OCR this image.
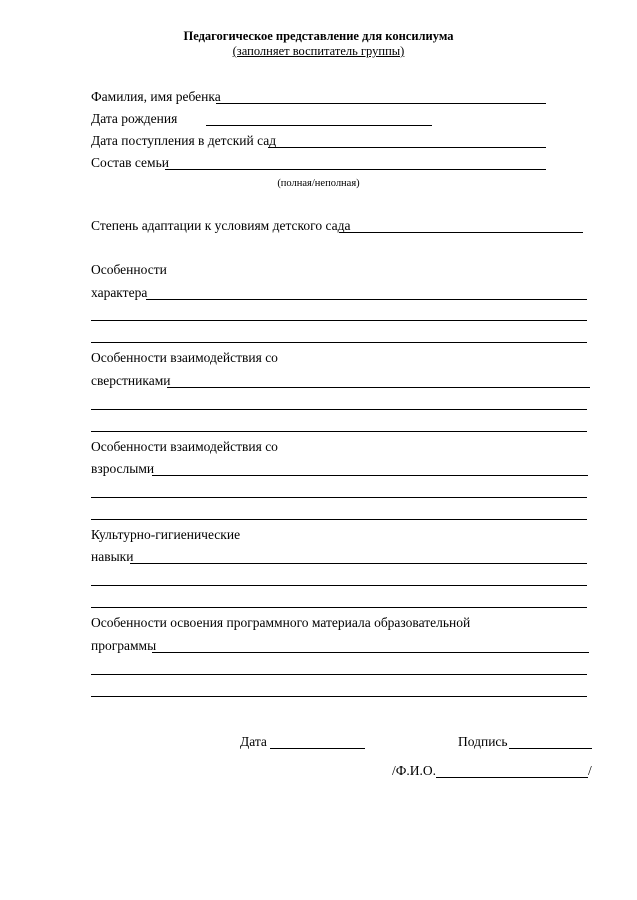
Педагогическое представление для консилиума
(заполняет воспитатель группы)
Фамилия, имя ребенка
Дата рождения
Дата поступления в детский сад
Состав семьи
(полная/неполная)
Степень адаптации к условиям детского сада
Особенности
характера
Особенности взаимодействия со
сверстниками
Особенности взаимодействия со
взрослыми
Культурно-гигиенические
навыки
Особенности освоения программного материала образовательной
программы
Дата	Подпись
/Ф.И.О.	/
